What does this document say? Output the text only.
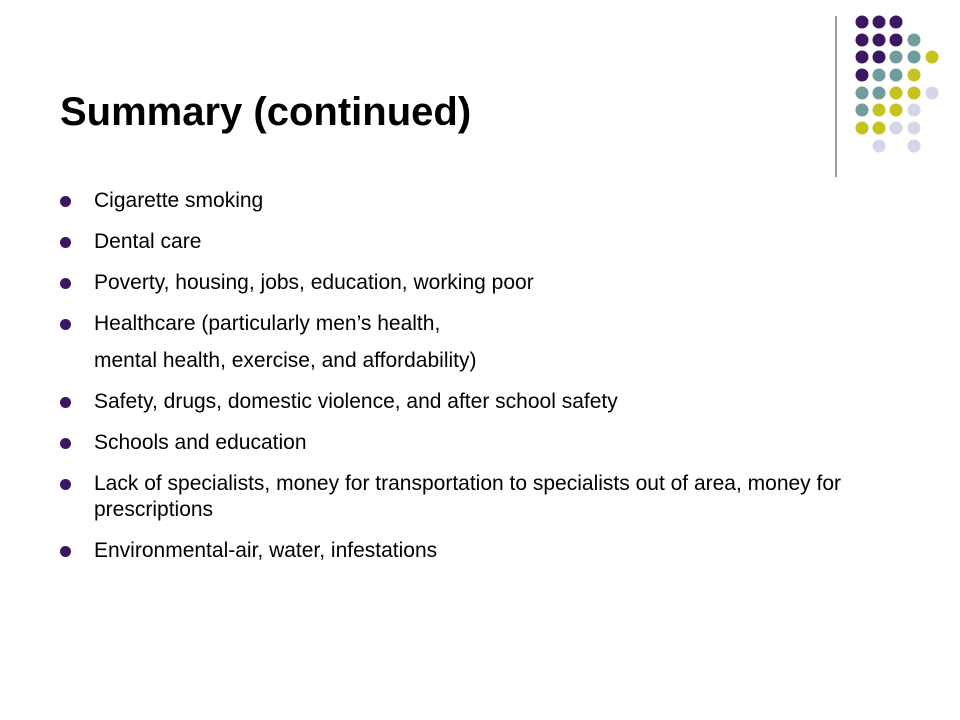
Summary (continued)
Cigarette smoking
Dental care
Poverty, housing, jobs, education, working poor
Healthcare (particularly men’s health,
mental health, exercise, and affordability)
Safety, drugs, domestic violence, and after school safety
Schools and education
Lack of specialists, money for transportation to specialists out of area, money for prescriptions
Environmental-air, water, infestations
